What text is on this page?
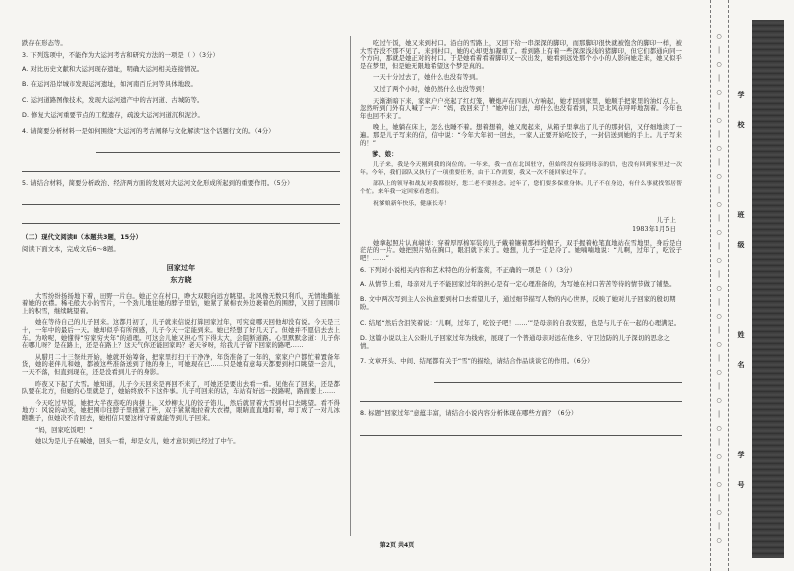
跌存在形态等。

3. 下列选项中，不能作为大运河考古和研究方法的一项是（ ）（3分）

A. 对比历史文献和大运河现存遗址，明确大运河相关连接情况。

B. 在运河沿岸城市发现运河遗址，如河南百丘河等具体地段。

C. 运河道路图像技术，发现大运河遗产中的古河道、古城防等。

D. 修复大运河重要节点的工程遗存，疏浚大运河河道沉积泥沙。

4. 请简要分析材料一是如何围绕“大运河的考古阐释与文化解读”这个话题行文的。（4分）

5. 请结合材料，简要分析政治、经济两方面的发展对大运河文化形成所起到的重要作用。（5分）

（二）现代文阅读Ⅱ（本题共3题，15分）

阅读下面文本，完成文后6～8题。

回家过年

东方晓

大雪纷纷扬扬地下着，田野一片白。她正立在村口，睁大双眼向远方眺望。北风像无数只利爪，无情地撕扯着她的衣襟。稀毛般大小的雪片，一个劲儿地往她的脖子里钻，她紧了紧棉衣外边裹着色的围脖，又回了回围巾上的积雪，继续眺望着。

她在等待自己的儿子回来。这都月初了，儿子就来信说打算回家过年，可究竟哪天回他却没有说。今天是三十，一年中的最后一天。她却似乎有所预感，儿子今天一定能到来。她已经想了好几天了。但她并不愿信去去上车。为啥呢，她懂得“穷家穷夫年”的道理。可这会儿她又担心雪下得太大，会阻断道路。心里默默念道：儿子你在哪儿呀？是在路上，还是在路上？这天气你还能回家吗？老天爷呀，给我儿子留下回家的路吧……

从腊月二十三祭灶开始，她就开始筹备，把家里打扫干干净净，年货准备了一年的，家家户户都忙着置备年货，她的老伴儿和她，都被这些准备送到了他的身上，可她现在已……只是她有意每天都要到村口眺望一会儿，一天不落，但直到现在，还是没看到儿子的身影。

昨夜又下起了大雪。她知道，儿子今天回来是再回不来了，可她还是要出去看一看。见他在了回来，还是都队要在北方，但她的心里就是了，她始终放不下这件事。儿子可回来的话，车站有好远一段路呢，路面要上……

今天吃过早饭，她把大半夜蒸吃的肉拼上，又炒柳太儿的饺子馅儿，然后就冒着大雪到村口去眺望。看不得地方：风说的动笑，她把围巾往脖子里掖紧了些，双手紧紧地拉着大衣襟，眼睛直直地盯着，却丁成了一对儿冰瞧瞧子，但她决不肯回去，她相信只要这样守着就能等到儿子回来。

“妈，回家吃饭吧！”

她以为是儿子在喊她，回头一看，却是女儿，她才意识到已经过了中午。

吃过午饭，她又来到村口。沿白的雪路上，又回下给一串深深的脚印，而那脚印很快就被饱含的脚印一样，被大雪吞没不那不见了。来到村口，她的心却更加凝重了。看到路上有着一些深深浅浅的猪脚印，但它们都通向同一个方向，那就是她正对的村口。于是她看着看着脚印又一次出发，她看到远处那个小小的人影向她走来，她又似乎是在梦里，但是她无限地希望这个梦是真的。

一天十分过去了，她什么也没有等到。

又过了两个小时，她仍然什么也没等到！

天渐渐暗下来，家家户户亮起了红灯笼，鞭炮声在四面八方响起，她才回到家里，她顺手把家里的油灯点上。忽然听到门外有人喊了一声：“妈，我回来了！”她冲出门去，却什么也没有看到，只是北风在呼呼地刮着。今年也年也回不来了。

晚上，她躺在床上，怎么也睡不着。想着想着，她又爬起来，从箱子里拿出了儿子的那封信，又仔细地读了一遍。那是儿子写来的信，信中说：“今年大年初一回去，一家人正要开始吃饺子，一封信送到她的手上。儿子写来的！”

爹、娘：

儿子来，我是今天刚到我的岗位的。一年来，我一直在北国驻守，但始终没有接到母亲的信，也没有回到家里过一次年。今年，我们部队又执行了一项重要任务，由于工作需要，我又一次不能回家过年了。

部队上的领导和战友对我都很好，您二老不要挂念。过年了，您们要多保重身体。儿子不在身边，有什么事就找邻居帮个忙。来年我一定回家看您们。

祝爹娘新年快乐，健康长寿！

儿子上

1983年1月5日

她拿起照片认真端详：穿着厚厚棉军装的儿子戴着镶着那样的帽子，双手握着枪笔直地站在雪地里，身后是白茫茫的一片。她把照片贴在胸口，眼泪就下来了。她想，儿子一定是冷了。她喃喃地说：“儿啊，过年了，吃饺子吧！……”

6. 下列对小说相关内容和艺术特色的分析鉴赏，不正确的一项是（ ）（3分）

A. 从情节上看，母亲对儿子不能回家过年的担心是有一定心理准备的，为写她在村口苦苦等待的情节做了铺垫。

B. 文中两次写到主人公执意要到村口去看望儿子，通过细节描写人物的内心世界，反映了她对儿子回家的殷切期盼。

C. 结尾“然后含泪笑着说：‘儿啊，过年了，吃饺子吧！……’”是母亲的自我安慰，也是与儿子在一起的心理满足。

D. 这篇小说以主人公盼儿子回家过年为线索，展现了一个普通母亲对远在他乡、守卫边防的儿子深切的思念之情。

7. 文章开头、中间、结尾都有关于“雪”的描绘，请结合作品谈谈它的作用。（6分）

8. 标题“回家过年”意蕴丰富，请结合小说内容分析体现在哪些方面？（6分）

第2页 共4页
○
│
○
│
○
│
○
│
○
│
○
│
○
│
○
│
○
│
○
│
○
│
○
│
○
│
○
│
○
│
○
│
○
│
○
│
○
学
校
班
级
姓
名
学
号
